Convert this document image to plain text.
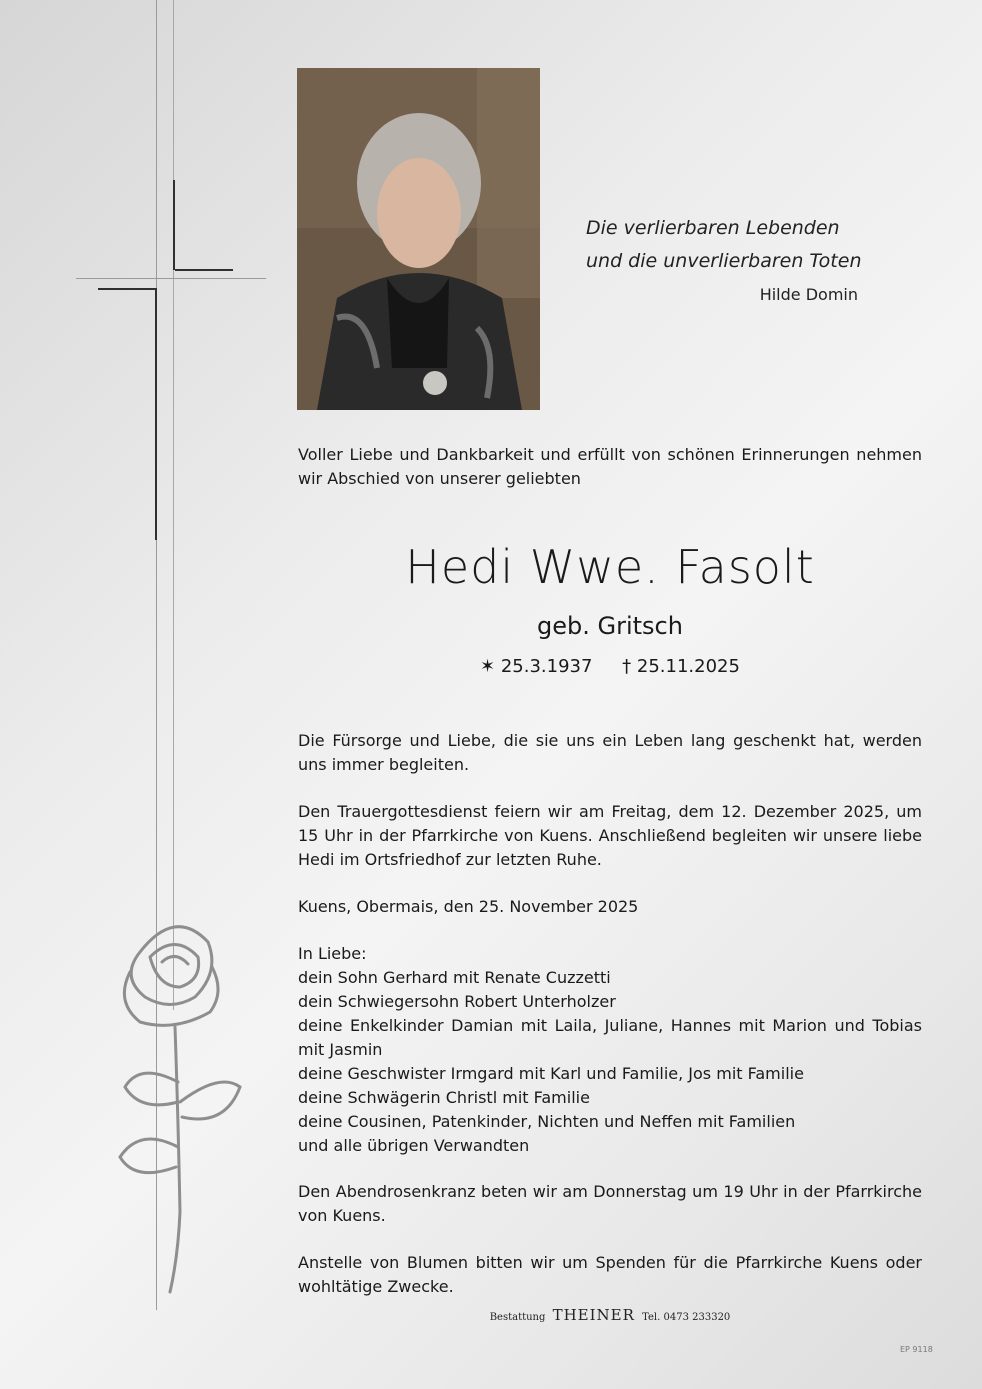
Die verlierbaren Lebenden
und die unverlierbaren Toten
Hilde Domin
Voller Liebe und Dankbarkeit und erfüllt von schönen Erinnerungen nehmen wir Abschied von unserer geliebten
Hedi Wwe. Fasolt
geb. Gritsch
✶ 25.3.1937 † 25.11.2025

Die Fürsorge und Liebe, die sie uns ein Leben lang geschenkt hat, werden uns immer begleiten.

Den Trauergottesdienst feiern wir am Freitag, dem 12. Dezember 2025, um 15 Uhr in der Pfarrkirche von Kuens. Anschließend begleiten wir unsere liebe Hedi im Ortsfriedhof zur letzten Ruhe.

Kuens, Obermais, den 25. November 2025

In Liebe:

dein Sohn Gerhard mit Renate Cuzzetti

dein Schwiegersohn Robert Unterholzer

deine Enkelkinder Damian mit Laila, Juliane, Hannes mit Marion und Tobias mit Jasmin

deine Geschwister Irmgard mit Karl und Familie, Jos mit Familie

deine Schwägerin Christl mit Familie

deine Cousinen, Patenkinder, Nichten und Neffen mit Familien

und alle übrigen Verwandten

Den Abendrosenkranz beten wir am Donnerstag um 19 Uhr in der Pfarrkirche von Kuens.

Anstelle von Blumen bitten wir um Spenden für die Pfarrkirche Kuens oder wohltätige Zwecke.

Bestattung THEINER Tel. 0473 233320
EP 9118
